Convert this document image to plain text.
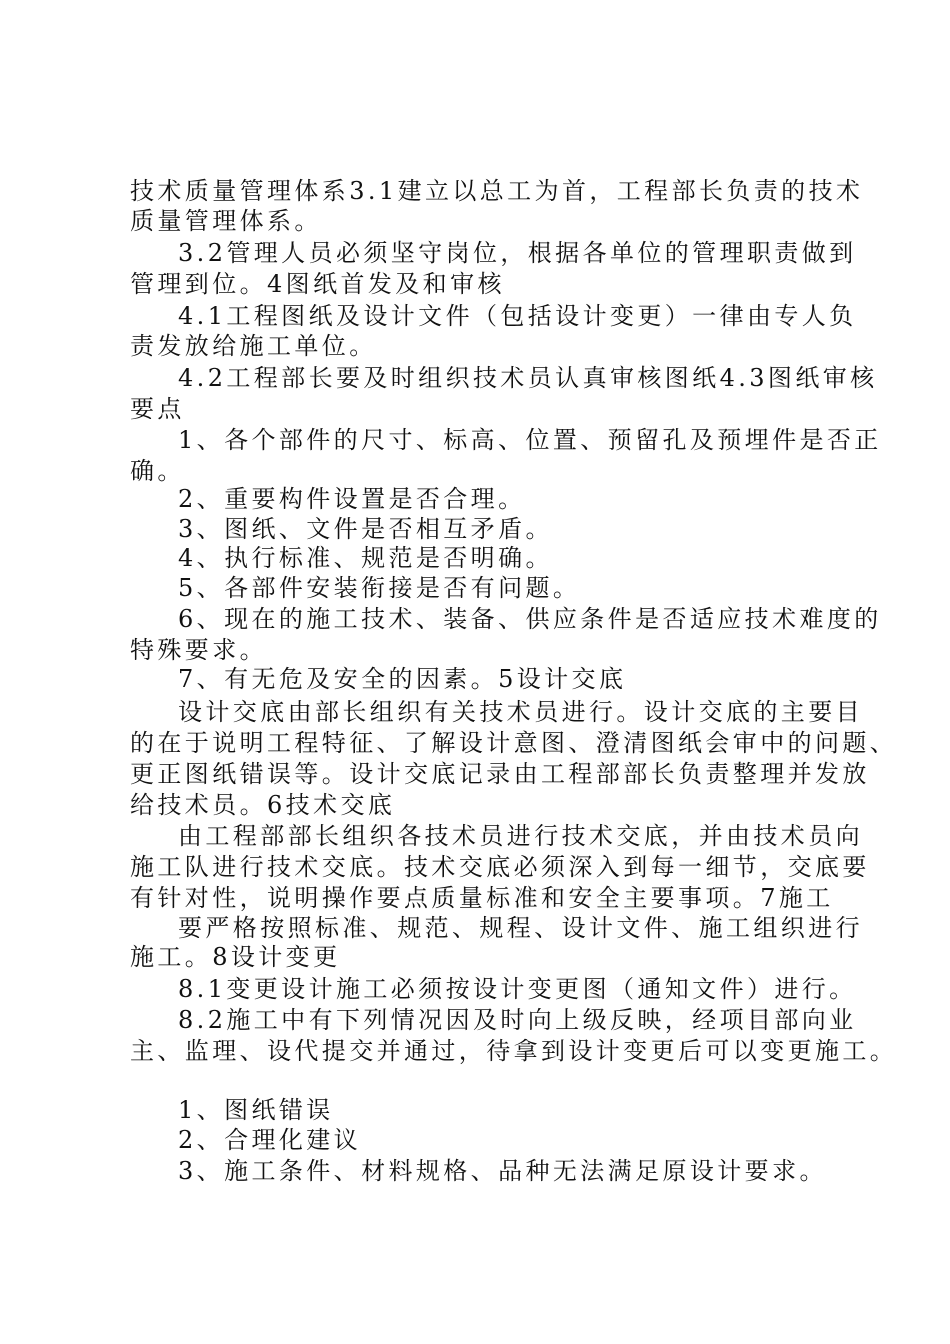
技术质量管理体系3.1建立以总工为首，工程部长负责的技术
质量管理体系。
3.2管理人员必须坚守岗位，根据各单位的管理职责做到
管理到位。4图纸首发及和审核
4.1工程图纸及设计文件（包括设计变更）一律由专人负
责发放给施工单位。
4.2工程部长要及时组织技术员认真审核图纸4.3图纸审核
要点
1、各个部件的尺寸、标高、位置、预留孔及预埋件是否正
确。
2、重要构件设置是否合理。
3、图纸、文件是否相互矛盾。
4、执行标准、规范是否明确。
5、各部件安装衔接是否有问题。
6、现在的施工技术、装备、供应条件是否适应技术难度的
特殊要求。
7、有无危及安全的因素。5设计交底
设计交底由部长组织有关技术员进行。设计交底的主要目
的在于说明工程特征、了解设计意图、澄清图纸会审中的问题、
更正图纸错误等。设计交底记录由工程部部长负责整理并发放
给技术员。6技术交底
由工程部部长组织各技术员进行技术交底，并由技术员向
施工队进行技术交底。技术交底必须深入到每一细节，交底要
有针对性，说明操作要点质量标准和安全主要事项。7施工
要严格按照标准、规范、规程、设计文件、施工组织进行
施工。8设计变更
8.1变更设计施工必须按设计变更图（通知文件）进行。
8.2施工中有下列情况因及时向上级反映，经项目部向业
主、监理、设代提交并通过，待拿到设计变更后可以变更施工。
1、图纸错误
2、合理化建议
3、施工条件、材料规格、品种无法满足原设计要求。
